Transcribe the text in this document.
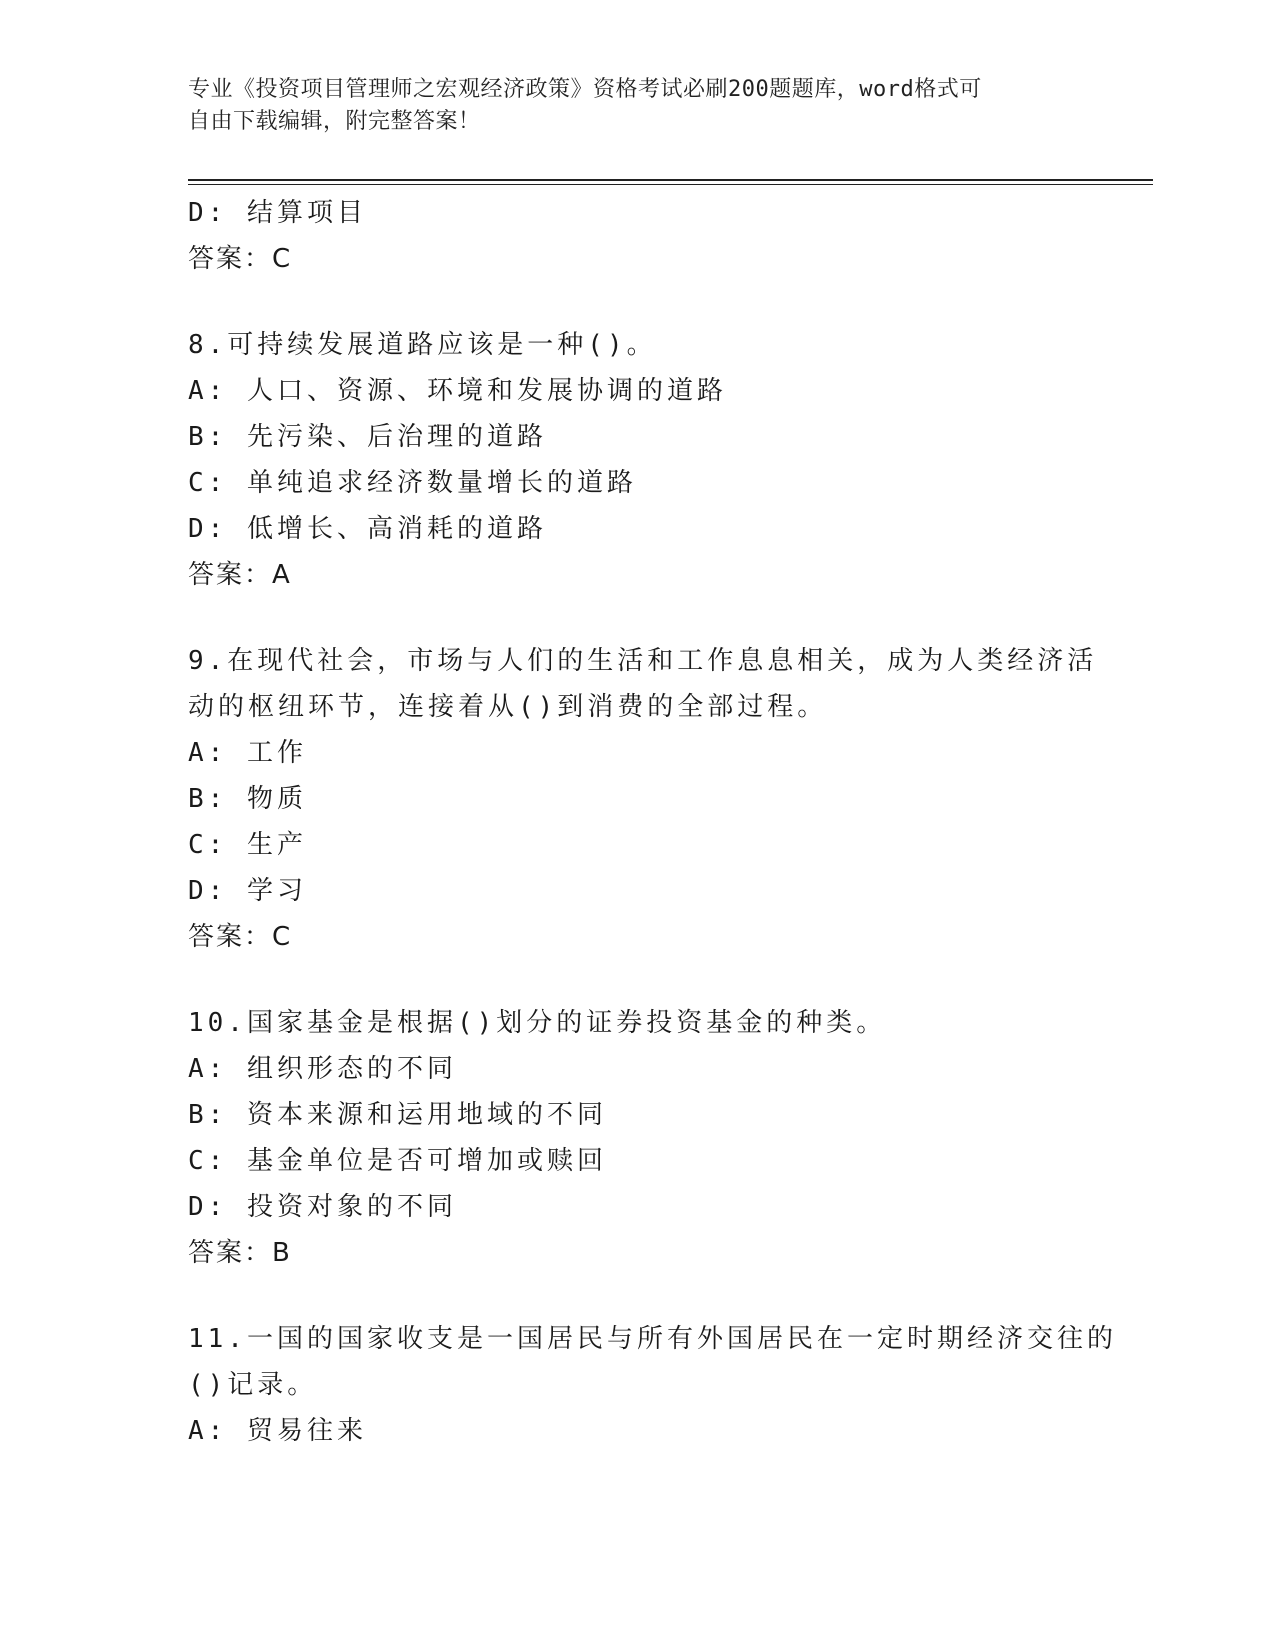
专业《投资项目管理师之宏观经济政策》资格考试必刷200题题库，word格式可
自由下载编辑，附完整答案！
D: 结算项目
答案：C
8.可持续发展道路应该是一种()。
A: 人口、资源、环境和发展协调的道路
B: 先污染、后治理的道路
C: 单纯追求经济数量增长的道路
D: 低增长、高消耗的道路
答案：A
9.在现代社会，市场与人们的生活和工作息息相关，成为人类经济活
动的枢纽环节，连接着从()到消费的全部过程。
A: 工作
B: 物质
C: 生产
D: 学习
答案：C
10.国家基金是根据()划分的证券投资基金的种类。
A: 组织形态的不同
B: 资本来源和运用地域的不同
C: 基金单位是否可增加或赎回
D: 投资对象的不同
答案：B
11.一国的国家收支是一国居民与所有外国居民在一定时期经济交往的
()记录。
A: 贸易往来
